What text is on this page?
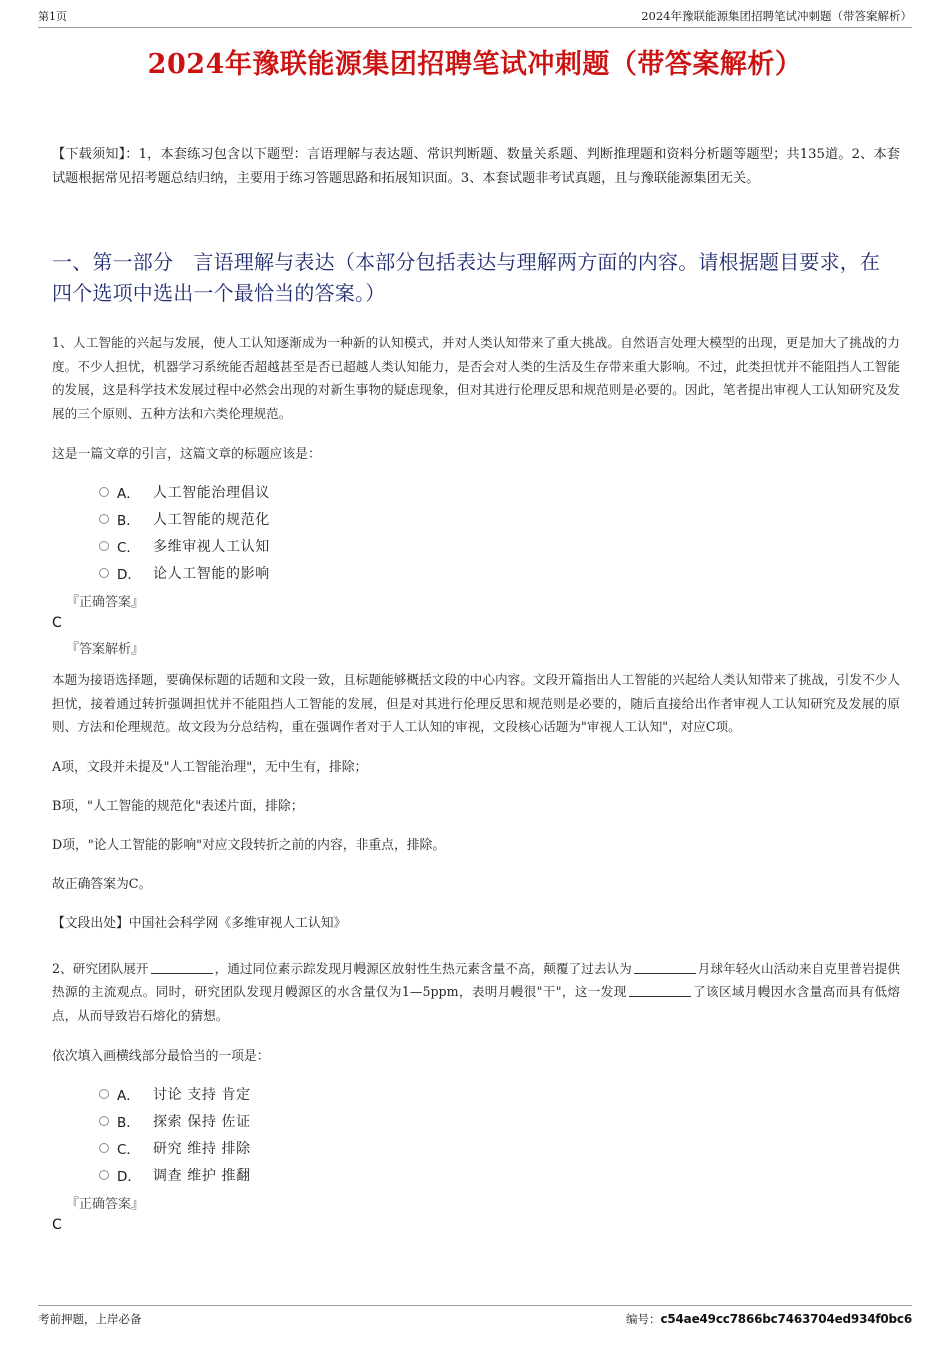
第1页	2024年豫联能源集团招聘笔试冲刺题（带答案解析）
2024年豫联能源集团招聘笔试冲刺题（带答案解析）

【下载须知】：1，本套练习包含以下题型：言语理解与表达题、常识判断题、数量关系题、判断推理题和资料分析题等题型；共135道。2、本套试题根据常见招考题总结归纳，主要用于练习答题思路和拓展知识面。3、本套试题非考试真题，且与豫联能源集团无关。

一、第一部分　言语理解与表达（本部分包括表达与理解两方面的内容。请根据题目要求，在四个选项中选出一个最恰当的答案。）

1、人工智能的兴起与发展，使人工认知逐渐成为一种新的认知模式，并对人类认知带来了重大挑战。自然语言处理大模型的出现，更是加大了挑战的力度。不少人担忧，机器学习系统能否超越甚至是否已超越人类认知能力，是否会对人类的生活及生存带来重大影响。不过，此类担忧并不能阻挡人工智能的发展，这是科学技术发展过程中必然会出现的对新生事物的疑虑现象，但对其进行伦理反思和规范则是必要的。因此，笔者提出审视人工认知研究及发展的三个原则、五种方法和六类伦理规范。

这是一篇文章的引言，这篇文章的标题应该是：

A． 人工智能治理倡议
B． 人工智能的规范化
C． 多维审视人工认知
D． 论人工智能的影响

『正确答案』

C

『答案解析』

本题为接语选择题，要确保标题的话题和文段一致，且标题能够概括文段的中心内容。文段开篇指出人工智能的兴起给人类认知带来了挑战，引发不少人担忧，接着通过转折强调担忧并不能阻挡人工智能的发展，但是对其进行伦理反思和规范则是必要的，随后直接给出作者审视人工认知研究及发展的原则、方法和伦理规范。故文段为分总结构，重在强调作者对于人工认知的审视，文段核心话题为"审视人工认知"，对应C项。

A项，文段并未提及"人工智能治理"，无中生有，排除；

B项，"人工智能的规范化"表述片面，排除；

D项，"论人工智能的影响"对应文段转折之前的内容，非重点，排除。

故正确答案为C。

【文段出处】中国社会科学网《多维审视人工认知》

2、研究团队展开	，通过同位素示踪发现月幔源区放射性生热元素含量不高，颠覆了过去认为	月球年轻火山活动来自克里普岩提供热源的主流观点。同时，研究团队发现月幔源区的水含量仅为1—5ppm，表明月幔很"干"，这一发现	了该区域月幔因水含量高而具有低熔点，从而导致岩石熔化的猜想。

依次填入画横线部分最恰当的一项是：

A． 讨论 支持 肯定
B． 探索 保持 佐证
C． 研究 维持 排除
D． 调查 维护 推翻

『正确答案』

C

考前押题，上岸必备	编号：c54ae49cc7866bc7463704ed934f0bc6
